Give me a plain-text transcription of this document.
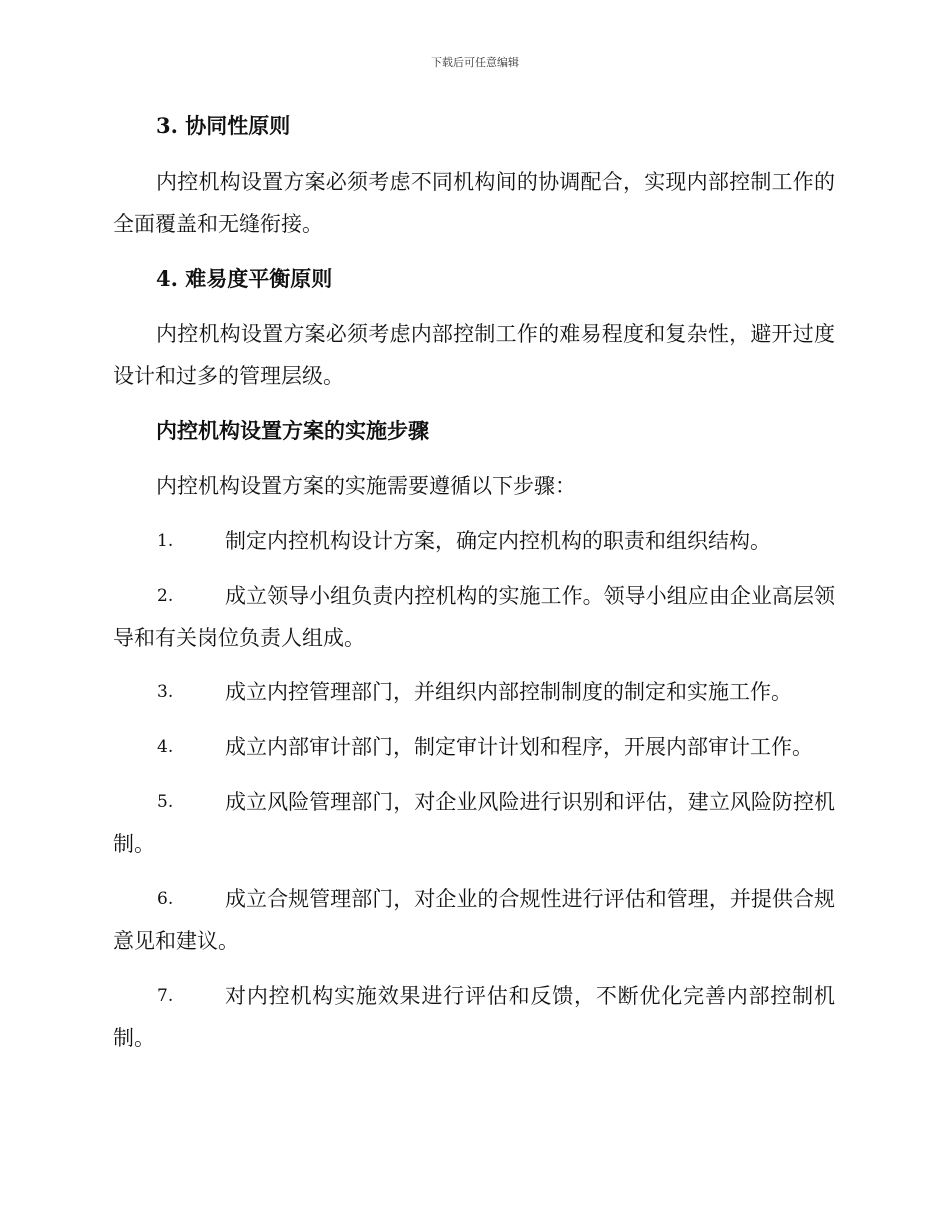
下载后可任意编辑
3. 协同性原则
内控机构设置方案必须考虑不同机构间的协调配合，实现内部控制工作的全面覆盖和无缝衔接。
4. 难易度平衡原则
内控机构设置方案必须考虑内部控制工作的难易程度和复杂性，避开过度设计和过多的管理层级。
内控机构设置方案的实施步骤
内控机构设置方案的实施需要遵循以下步骤：
1.	制定内控机构设计方案，确定内控机构的职责和组织结构。
2.	成立领导小组负责内控机构的实施工作。领导小组应由企业高层领导和有关岗位负责人组成。
3.	成立内控管理部门，并组织内部控制制度的制定和实施工作。
4.	成立内部审计部门，制定审计计划和程序，开展内部审计工作。
5.	成立风险管理部门，对企业风险进行识别和评估，建立风险防控机制。
6.	成立合规管理部门，对企业的合规性进行评估和管理，并提供合规意见和建议。
7.	对内控机构实施效果进行评估和反馈，不断优化完善内部控制机制。
